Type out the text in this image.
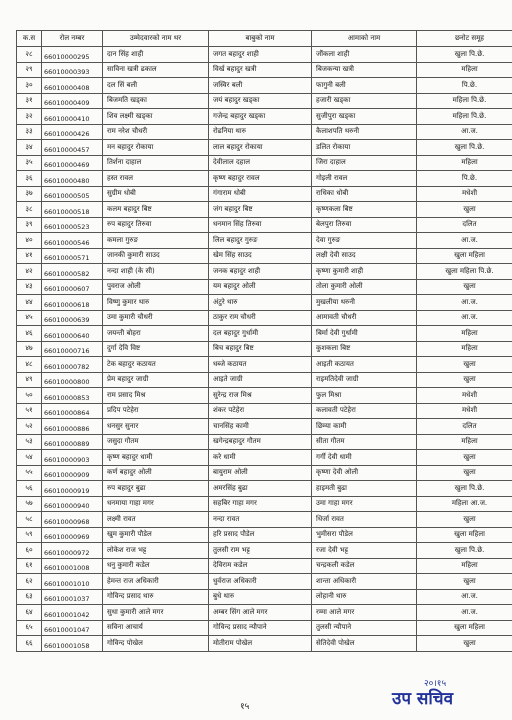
क.स	रोल नम्बर	उम्मेदवारको नाम थर	बाबुको नाम	आमाको नाम	छनोट समूह
२८	66010000295	दान सिंह शाही	जगत बहादुर शाही	जौंकला शाही	खुला पि.छे.
२९	66010000393	साविना खत्री ढकाल	विर्ख बहादुर खत्री	बिजकन्या खत्री	महिला
३०	66010000408	दल सिं बली	जस्विर बली	फागुनी बली	पि.छे.
३१	66010000409	बिजमति खड्का	जयं बहादुर खड्का	हजारी खड्का	महिला पि.छे.
३२	66010000410	शिव लक्ष्मी खड्का	गजेन्द्र बहादुर खड्का	सुजीपुरा खड्का	महिला पि.छे.
३३	66010000426	राम नरेश चौधरी	रोढनिया थारु	कैलाशपति थरुनी	आ.ज.
३४	66010000457	मन बहादुर रोकाया	लाल बहादुर रोकाया	डलित रोकाया	खुला पि.छे.
३५	66010000469	तिर्शना दाहाल	देवीलाल दहाल	जिरा दाहाल	महिला
३६	66010000480	हस्त रावल	कृष्ण बहादुर रावल	गोइली रावल	पि.छे.
३७	66010000505	सुग्रीम धोबी	गंगाराम धोबी	राधिका धोबी	मधेशी
३८	66010000518	कलम बहादुर बिष्ट	जंग बहादुर बिष्ट	कृष्णकला बिष्ट	खुला
३९	66010000523	रुप बहादुर तिरुवा	धनमान सिंह तिरुवा	बेलपुरा तिरुवा	दलित
४०	66010000546	कमला गुरुङ	लिल बहादुर गुरुङ	देवा गुरुङ	आ.ज.
४१	66010000571	जानकी कुमारी साउद	खेम सिंह साउद	लक्षी देवी साउद	खुला महिला
४२	66010000582	नन्दा शाही (के सी)	जनक बहादुर शाही	कृष्णा कुमारी शाही	खुला महिला पि.छे.
४३	66010000607	पुवराज ओली	यम बहादुर ओली	तोला कुमारी ओली	खुला
४४	66010000618	विष्णु कुमार थारु	अंटुरे थारु	मुखलीया थरुनी	आ.ज.
४५	66010000639	उमा कुमारी चौधरी	ठाकुर राम चौधरी	आमावती चौधरी	आ.ज.
४६	66010000640	जयन्ती बोहरा	दल बहादुर गुर्धामी	बिर्मा देवी गुर्धामी	महिला
४७	66010000716	दुर्गा देवि विष्ट	बिच बहादुर बिष्ट	कुशकला बिष्ट	महिला
४८	66010000782	टेक बहादुर कठायत	धब्जे कठायत	आइती कठायत	खुला
४९	66010000800	प्रेम बहादुर जाग्री	आइते जाग्री	राइमतिदेवी जाग्री	खुला
५०	66010000853	राम प्रसाद मिश्र	सुरेन्द्र राज मिश्र	फुल मिश्रा	मधेशी
५१	66010000864	प्रदिप पटेहेरा	शंकर पटेहेरा	कलावती पटेहेरा	मधेशी
५२	66010000886	धनसुर सुनार	चानसिंह कामी	छिम्या कामी	दलित
५३	66010000889	जसुदा गौतम	खगेन्द्रबहादुर गौतम	सीता गौतम	महिला
५४	66010000903	कृष्ण बहादुर धामी	करे धामी	गर्गी देवी धामी	खुला
५५	66010000909	कर्ण बहादुर ओली	बायुराम ओली	कृष्णा देवी ओली	खुला
५६	66010000919	रुप बहादुर बुढा	अमरसिंह बुढा	हाइमती बुढा	खुला पि.छे.
५७	66010000940	धनमाया गाहा मगर	सहबिर गाहा मगर	उमा गाहा मगर	महिला आ.ज.
५८	66010000968	लक्ष्मी रावत	नन्दा रावत	धिर्जा रावत	खुला
५९	66010000969	खुम कुमारी पौडेल	हरि प्रसाद पौडेल	भुमीसरा पौडेल	खुला महिला
६०	66010000972	लोकेश राज भट्ट	तुलसी राम भट्ट	रजा देवी भट्ट	खुला पि.छे.
६१	66010001008	धनु कुमारी कडेल	देविराम कडेल	चन्द्रकली कडेल	महिला
६२	66010001010	हेमन्त राज अधिकारी	धुर्वराज अधिकारी	शान्ता अधिकारी	खुला
६३	66010001037	गोविन्द प्रसाद थारु	बुधे थारु	लोहानी थारु	आ.ज.
६४	66010001042	सुधा कुमारी आले मगर	अम्बर सिंग आले मगर	रम्मा आले मगर	आ.ज.
६५	66010001047	सविना आचार्य	गोविन्द प्रसाद न्यौपाने	तुलसी न्यौपाने	खुला महिला
६६	66010001058	गोविन्द पोखेल	मोतीराम पोखेल	सेतिदेवी पोखेल	खुला
२०।१५
उप सचिव
१५
